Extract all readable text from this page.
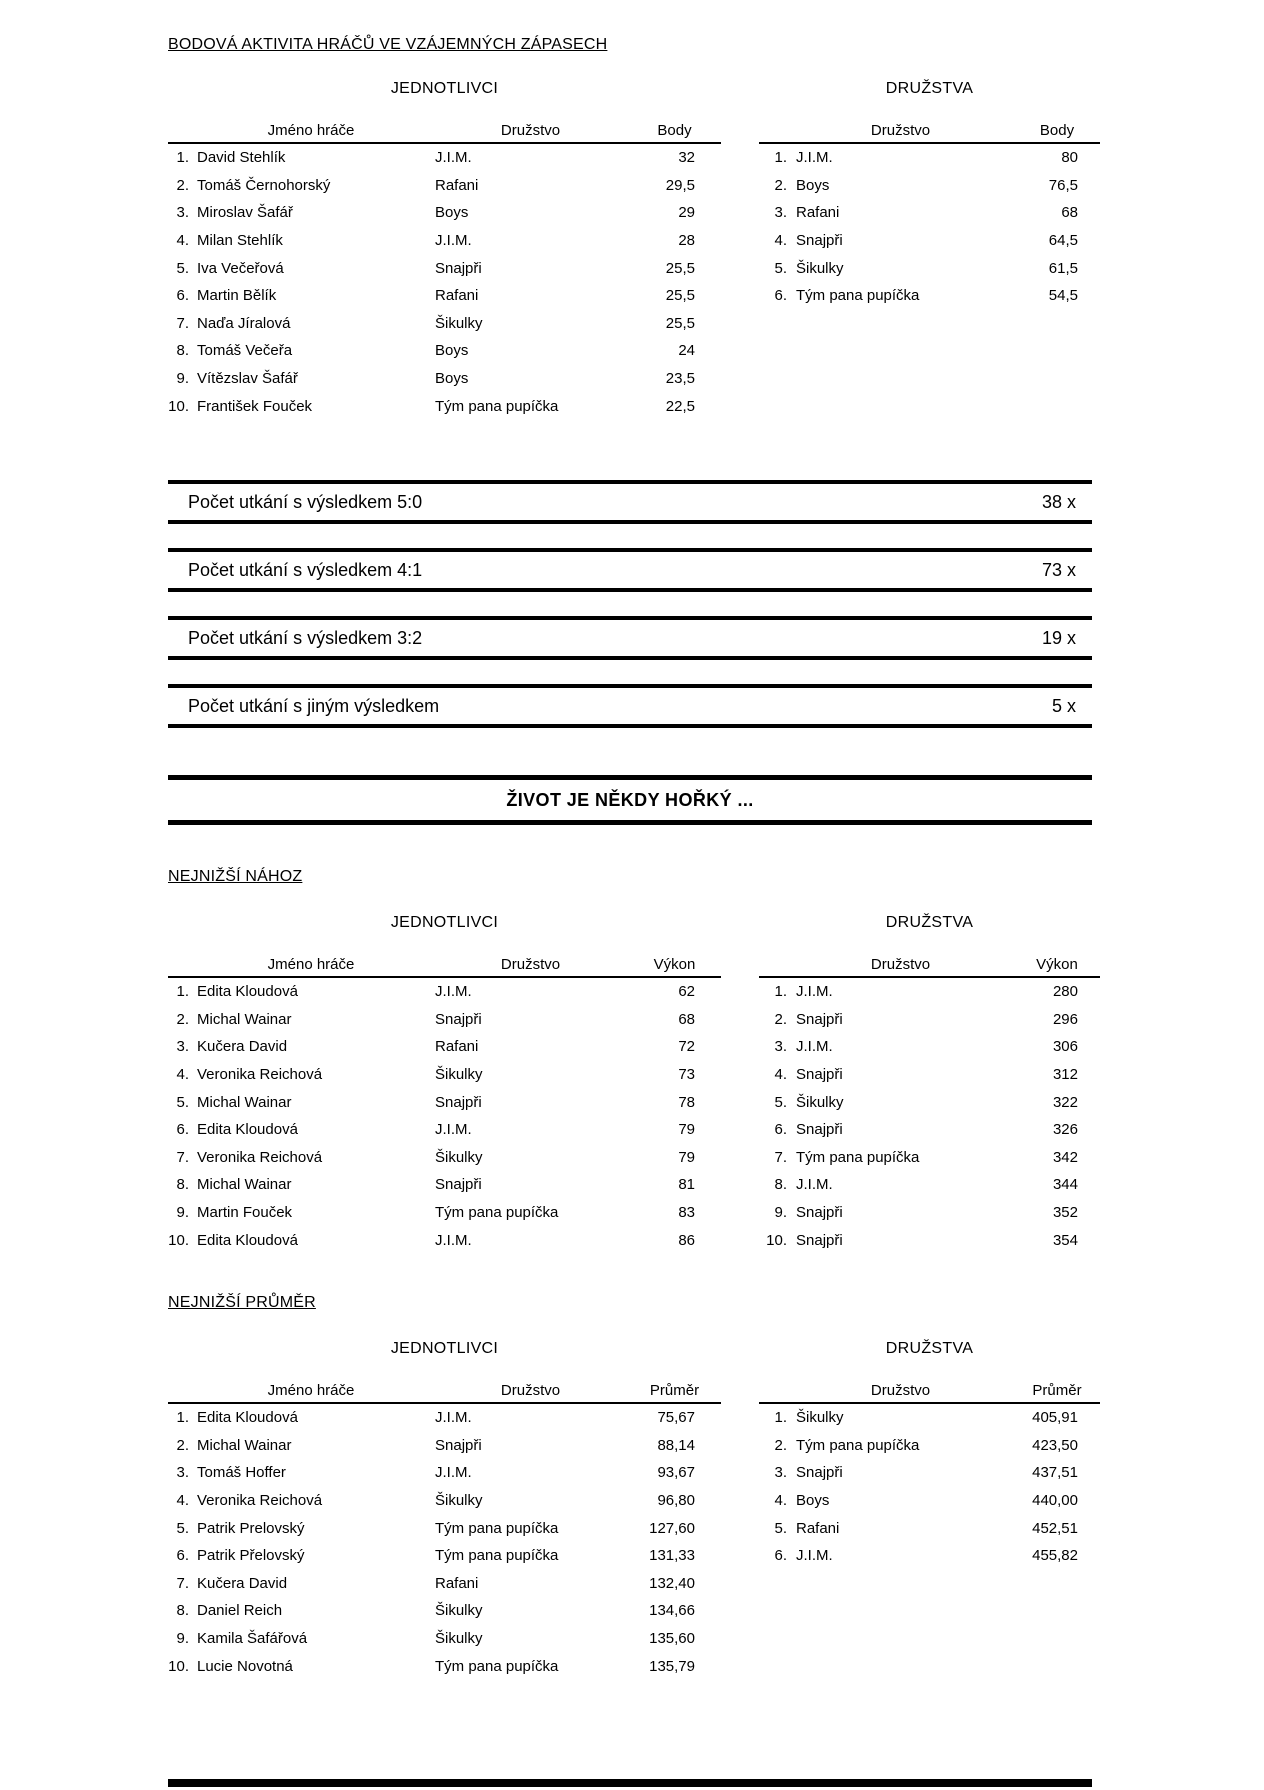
BODOVÁ AKTIVITA HRÁČŮ VE VZÁJEMNÝCH ZÁPASECH
JEDNOTLIVCI
Jméno hráče	Družstvo	Body
1. David Stehlík	J.I.M.	32
2. Tomáš Černohorský	Rafani	29,5
3. Miroslav Šafář	Boys	29
4. Milan Stehlík	J.I.M.	28
5. Iva Večeřová	Snajpři	25,5
6. Martin Bělík	Rafani	25,5
7. Naďa Jíralová	Šikulky	25,5
8. Tomáš Večeřa	Boys	24
9. Vítězslav Šafář	Boys	23,5
10. František Fouček	Tým pana pupíčka	22,5
DRUŽSTVA
Družstvo	Body
1. J.I.M.	80
2. Boys	76,5
3. Rafani	68
4. Snajpři	64,5
5. Šikulky	61,5
6. Tým pana pupíčka	54,5
Počet utkání s výsledkem 5:0	38 x
Počet utkání s výsledkem 4:1	73 x
Počet utkání s výsledkem 3:2	19 x
Počet utkání s jiným výsledkem	5 x
ŽIVOT JE NĚKDY HOŘKÝ ...
NEJNIŽŠÍ NÁHOZ
JEDNOTLIVCI
Jméno hráče	Družstvo	Výkon
1. Edita Kloudová	J.I.M.	62
2. Michal Wainar	Snajpři	68
3. Kučera David	Rafani	72
4. Veronika Reichová	Šikulky	73
5. Michal Wainar	Snajpři	78
6. Edita Kloudová	J.I.M.	79
7. Veronika Reichová	Šikulky	79
8. Michal Wainar	Snajpři	81
9. Martin Fouček	Tým pana pupíčka	83
10. Edita Kloudová	J.I.M.	86
DRUŽSTVA
Družstvo	Výkon
1. J.I.M.	280
2. Snajpři	296
3. J.I.M.	306
4. Snajpři	312
5. Šikulky	322
6. Snajpři	326
7. Tým pana pupíčka	342
8. J.I.M.	344
9. Snajpři	352
10. Snajpři	354
NEJNIŽŠÍ PRŮMĚR
JEDNOTLIVCI
Jméno hráče	Družstvo	Průměr
1. Edita Kloudová	J.I.M.	75,67
2. Michal Wainar	Snajpři	88,14
3. Tomáš Hoffer	J.I.M.	93,67
4. Veronika Reichová	Šikulky	96,80
5. Patrik Prelovský	Tým pana pupíčka	127,60
6. Patrik Přelovský	Tým pana pupíčka	131,33
7. Kučera David	Rafani	132,40
8. Daniel Reich	Šikulky	134,66
9. Kamila Šafářová	Šikulky	135,60
10. Lucie Novotná	Tým pana pupíčka	135,79
DRUŽSTVA
Družstvo	Průměr
1. Šikulky	405,91
2. Tým pana pupíčka	423,50
3. Snajpři	437,51
4. Boys	440,00
5. Rafani	452,51
6. J.I.M.	455,82
